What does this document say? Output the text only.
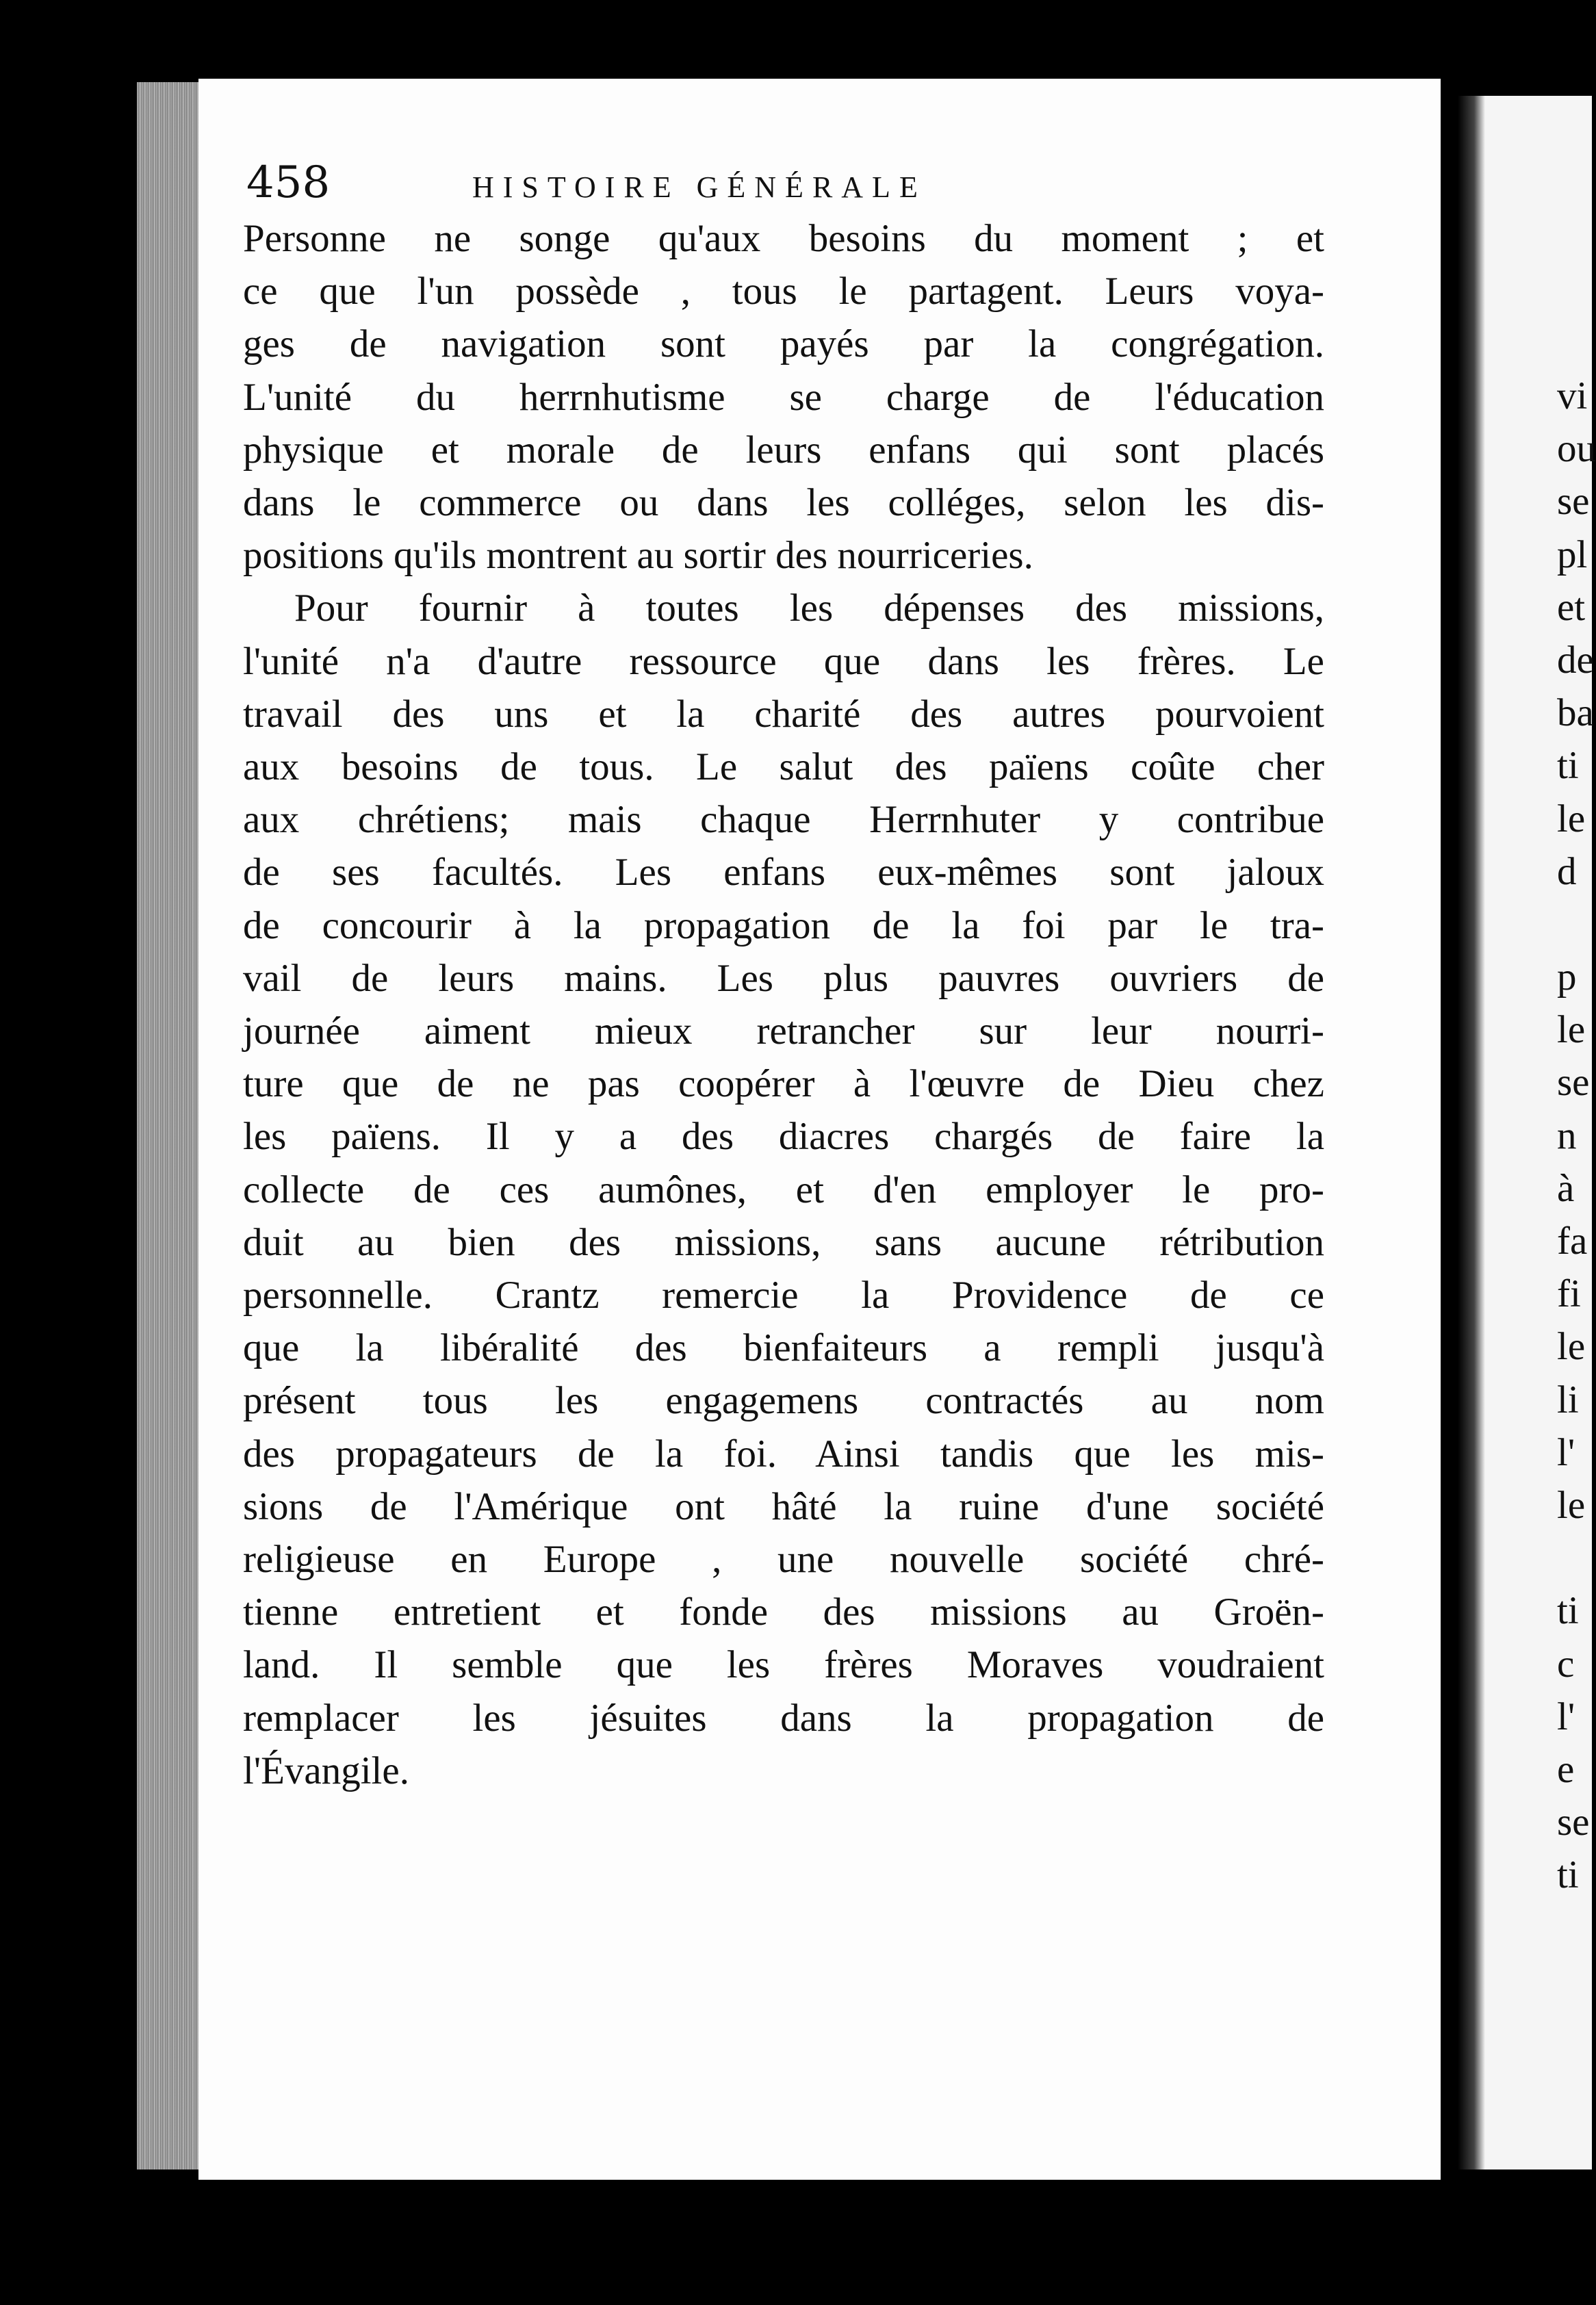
458	HISTOIRE GÉNÉRALE
Personne ne songe qu'aux besoins du moment ; et
ce que l'un possède , tous le partagent. Leurs voya-
ges de navigation sont payés par la congrégation.
L'unité du herrnhutisme se charge de l'éducation
physique et morale de leurs enfans qui sont placés
dans le commerce ou dans les colléges, selon les dis-
positions qu'ils montrent au sortir des nourriceries.
Pour fournir à toutes les dépenses des missions,
l'unité n'a d'autre ressource que dans les frères. Le
travail des uns et la charité des autres pourvoient
aux besoins de tous. Le salut des païens coûte cher
aux chrétiens; mais chaque Herrnhuter y contribue
de ses facultés. Les enfans eux-mêmes sont jaloux
de concourir à la propagation de la foi par le tra-
vail de leurs mains. Les plus pauvres ouvriers de
journée aiment mieux retrancher sur leur nourri-
ture que de ne pas coopérer à l'œuvre de Dieu chez
les païens. Il y a des diacres chargés de faire la
collecte de ces aumônes, et d'en employer le pro-
duit au bien des missions, sans aucune rétribution
personnelle. Crantz remercie la Providence de ce
que la libéralité des bienfaiteurs a rempli jusqu'à
présent tous les engagemens contractés au nom
des propagateurs de la foi. Ainsi tandis que les mis-
sions de l'Amérique ont hâté la ruine d'une société
religieuse en Europe , une nouvelle société chré-
tienne entretient et fonde des missions au Groën-
land. Il semble que les frères Moraves voudraient
remplacer les jésuites dans la propagation de
l'Évangile.
vi
ou
se
pl
et
de
ba
ti
le
d
p
le
se
n
à
fa
fi
le
li
l'
le
ti
c
l'
e
se
ti
